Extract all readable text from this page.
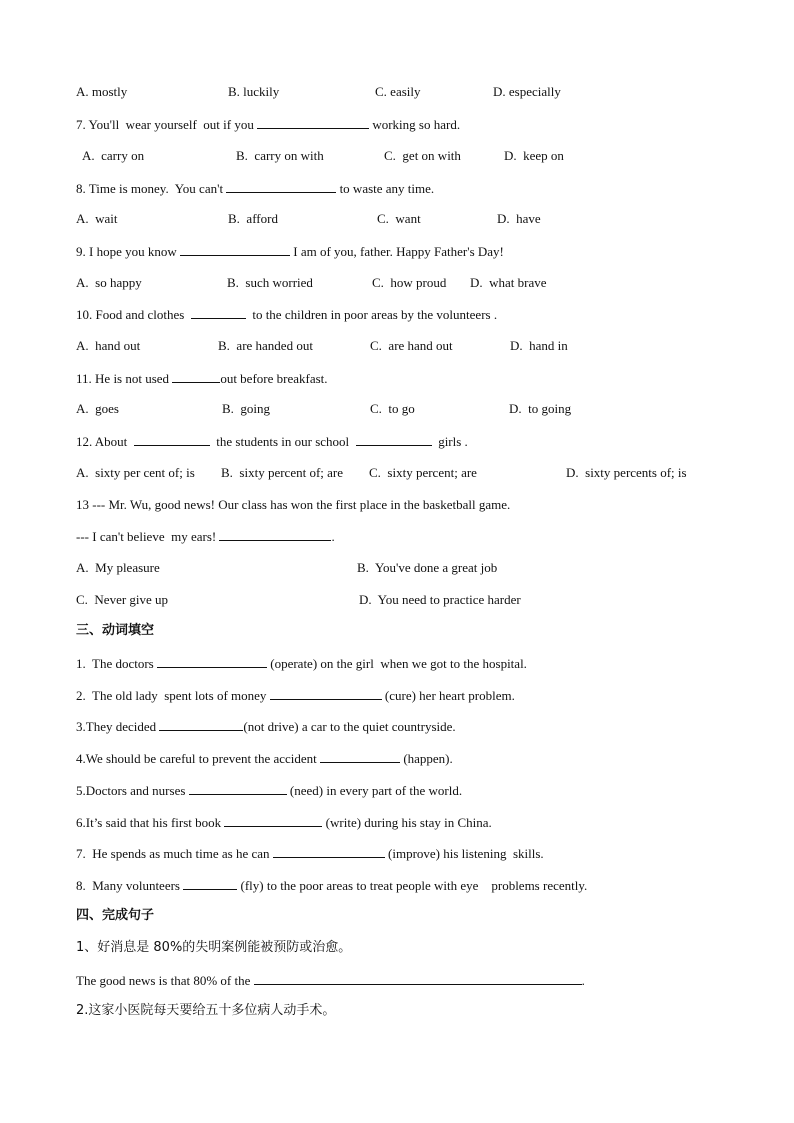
A. mostly	B. luckily	C. easily	D. especially
7. You'll  wear yourself  out if you	working so hard.
A.  carry on	B.  carry on with	C.  get on with	D.  keep on
8. Time is money.  You can't	to waste any time.
A.  wait	B.  afford	C.  want	D.  have
9. I hope you know	I am of you, father. Happy Father's Day!
A.  so happy	B.  such worried	C.  how proud D.  what brave
10. Food and clothes	to the children in poor areas by the volunteers .
A.  hand out	B.  are handed out	C.  are hand out	D.  hand in
11. He is not used	out before breakfast.
A.  goes	B.  going	C.  to go	D.  to going
12. About	the students in our school	girls .
A.  sixty per cent of; is B.  sixty percent of; are C.  sixty percent; are	D.  sixty percents of; is
13 --- Mr. Wu, good news! Our class has won the first place in the basketball game.
--- I can't believe  my ears!	.
A.  My pleasure	B.  You've done a great job
C.  Never give up	D.  You need to practice harder
三、动词填空
1.  The doctors	(operate) on the girl  when we got to the hospital.
2.  The old lady  spent lots of money	(cure) her heart problem.
3.They decided	(not drive) a car to the quiet countryside.
4.We should be careful to prevent the accident	(happen).
5.Doctors and nurses	(need) in every part of the world.
6.It’s said that his first book	(write) during his stay in China.
7.  He spends as much time as he can	(improve) his listening  skills.
8.  Many volunteers	(fly) to the poor areas to treat people with eye    problems recently.
四、完成句子
1、好消息是 80%的失明案例能被预防或治愈。
The good news is that 80% of the	.
2.这家小医院每天要给五十多位病人动手术。
